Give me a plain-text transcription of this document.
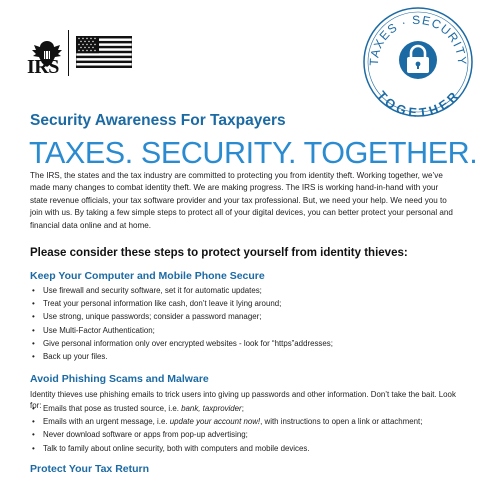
IRS	TAXES · SECURITY
TOGETHER
Security Awareness For Taxpayers
TAXES. SECURITY. TOGETHER.

The IRS, the states and the tax industry are committed to protecting you from identity theft. Working together, we’ve made many changes to combat identity theft. We are making progress. The IRS is working hand-in-hand with your state revenue officials, your tax software provider and your tax professional. But, we need your help. We need you to join with us. By taking a few simple steps to protect all of your digital devices, you can better protect your personal and financial data online and at home.

Please consider these steps to protect yourself from identity thieves:
Keep Your Computer and Mobile Phone Secure
• Use firewall and security software, set it for automatic updates;
• Treat your personal information like cash, don’t leave it lying around;
• Use strong, unique passwords; consider a password manager;
• Use Multi-Factor Authentication;
• Give personal information only over encrypted websites - look for “https”addresses;
• Back up your files.
Avoid Phishing Scams and Malware

Identity thieves use phishing emails to trick users into giving up passwords and other information. Don’t take the bait. Look for:

• Emails that pose as trusted source, i.e. bank, taxprovider;
• Emails with an urgent message, i.e. update your account now!, with instructions to open a link or attachment;
• Never download software or apps from pop-up advertising;
• Talk to family about online security, both with computers and mobile devices.
Protect Your Tax Return
